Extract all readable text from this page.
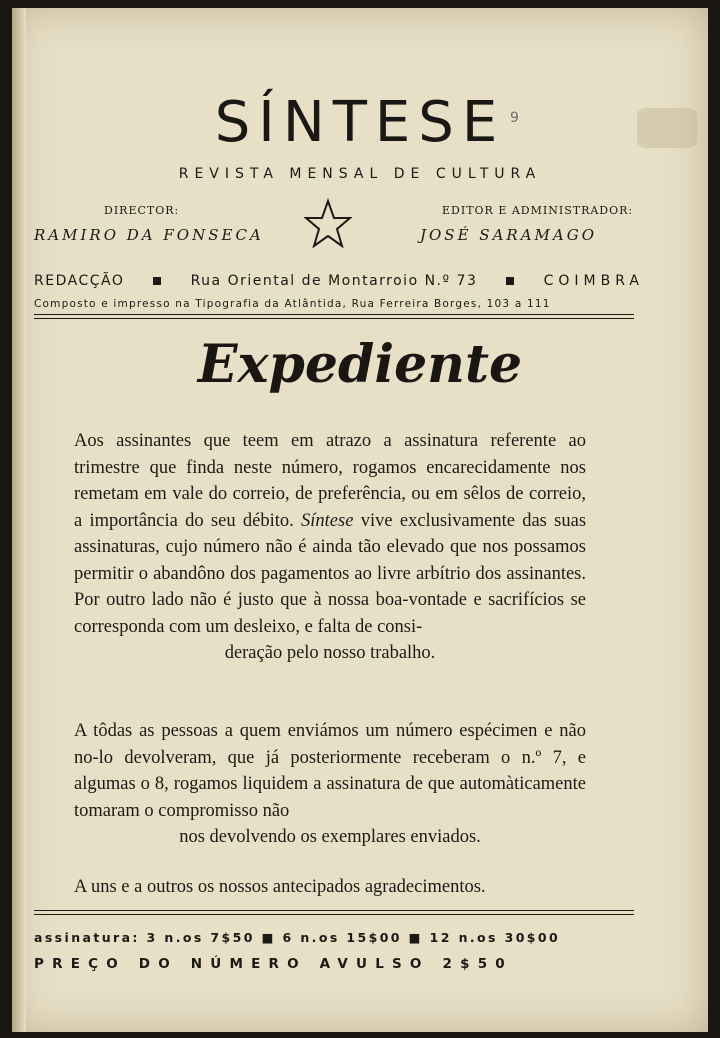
SÍNTESE 9
REVISTA MENSAL DE CULTURA
DIRECTOR:
RAMIRO DA FONSECA
EDITOR E ADMINISTRADOR:
JOSÉ SARAMAGO
REDACÇÃO	Rua Oriental de Montarroio N.º 73	COIMBRA
Composto e impresso na Tipografia da Atlântida, Rua Ferreira Borges, 103 a 111
Expediente
Aos assinantes que teem em atrazo a assinatura referente ao trimestre que finda neste número, rogamos encarecidamente nos remetam em vale do correio, de preferência, ou em sêlos de correio, a importância do seu débito. Síntese vive exclusivamente das suas assinaturas, cujo número não é ainda tão elevado que nos possamos permitir o abandôno dos pagamentos ao livre arbítrio dos assinantes. Por outro lado não é justo que à nossa boa-vontade e sacrifícios se corresponda com um desleixo, e falta de consi-
deração pelo nosso trabalho.
A tôdas as pessoas a quem enviámos um número espécimen e não no-lo devolveram, que já posteriormente receberam o n.º 7, e algumas o 8, rogamos liquidem a assinatura de que automàticamente tomaram o compromisso não
nos devolvendo os exemplares enviados.
A uns e a outros os nossos antecipados agradecimentos.
assinatura: 3 n.os 7$50 ■ 6 n.os 15$00 ■ 12 n.os 30$00
PREÇO DO NÚMERO AVULSO 2$50
